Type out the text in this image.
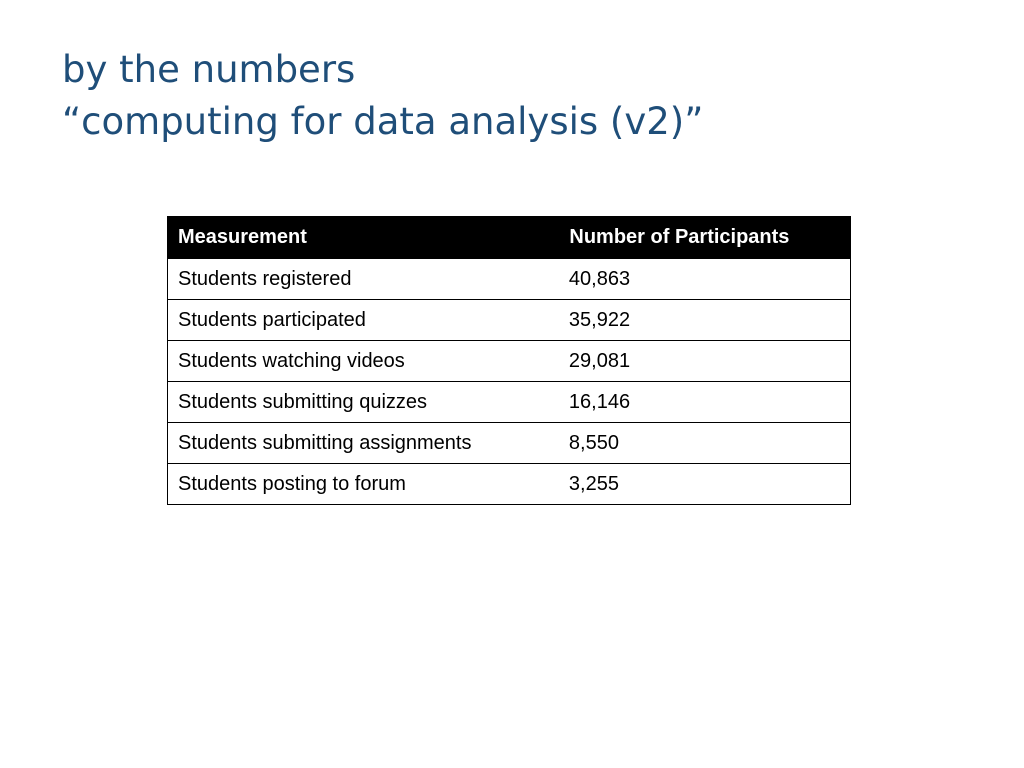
by the numbers
“computing for data analysis (v2)”
Measurement	Number of Participants
Students registered	40,863
Students participated	35,922
Students watching videos	29,081
Students submitting quizzes	16,146
Students submitting assignments	8,550
Students posting to forum	3,255
